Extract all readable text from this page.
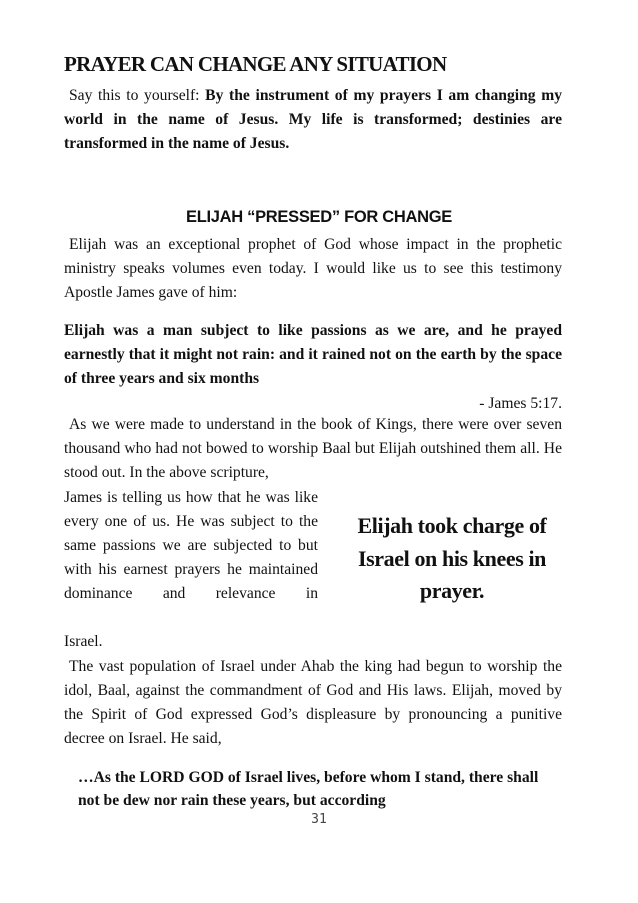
PRAYER CAN CHANGE ANY SITUATION
Say this to yourself: By the instrument of my prayers I am changing my world in the name of Jesus. My life is transformed; destinies are transformed in the name of Jesus.
ELIJAH “PRESSED” FOR CHANGE
Elijah was an exceptional prophet of God whose impact in the prophetic ministry speaks volumes even today. I would like us to see this testimony Apostle James gave of him:
Elijah was a man subject to like passions as we are, and he prayed earnestly that it might not rain: and it rained not on the earth by the space of three years and six months
- James 5:17.
As we were made to understand in the book of Kings, there were over seven thousand who had not bowed to worship Baal but Elijah outshined them all. He stood out. In the above scripture,
James is telling us how that he was like every one of us. He was subject to the same passions we are subjected to but with his earnest prayers he maintained dominance and relevance in
Israel.
Elijah took charge of Israel on his knees in prayer.
The vast population of Israel under Ahab the king had begun to worship the idol, Baal, against the commandment of God and His laws. Elijah, moved by the Spirit of God expressed God’s displeasure by pronouncing a punitive decree on Israel. He said,
…As the LORD GOD of Israel lives, before whom I stand, there shall not be dew nor rain these years, but according
31
